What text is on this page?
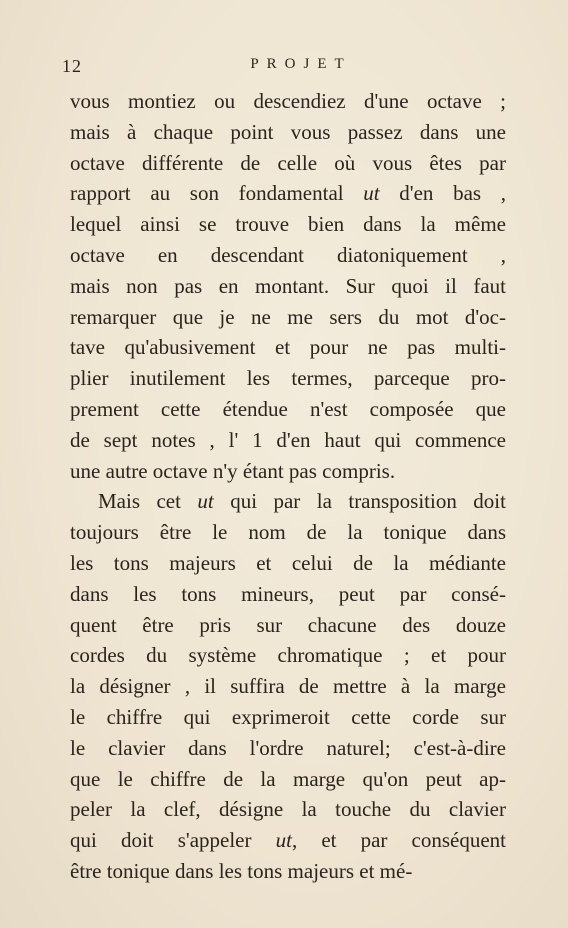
12	PROJET
vous montiez ou descendiez d'une octave ;
mais à chaque point vous passez dans une
octave différente de celle où vous êtes par
rapport au son fondamental ut d'en bas ,
lequel ainsi se trouve bien dans la même
octave en descendant diatoniquement ,
mais non pas en montant. Sur quoi il faut
remarquer que je ne me sers du mot d'oc-
tave qu'abusivement et pour ne pas multi-
plier inutilement les termes, parceque pro-
prement cette étendue n'est composée que
de sept notes , l' 1 d'en haut qui commence
une autre octave n'y étant pas compris.
Mais cet ut qui par la transposition doit
toujours être le nom de la tonique dans
les tons majeurs et celui de la médiante
dans les tons mineurs, peut par consé-
quent être pris sur chacune des douze
cordes du système chromatique ; et pour
la désigner , il suffira de mettre à la marge
le chiffre qui exprimeroit cette corde sur
le clavier dans l'ordre naturel; c'est-à-dire
que le chiffre de la marge qu'on peut ap-
peler la clef, désigne la touche du clavier
qui doit s'appeler ut, et par conséquent
être tonique dans les tons majeurs et mé-
